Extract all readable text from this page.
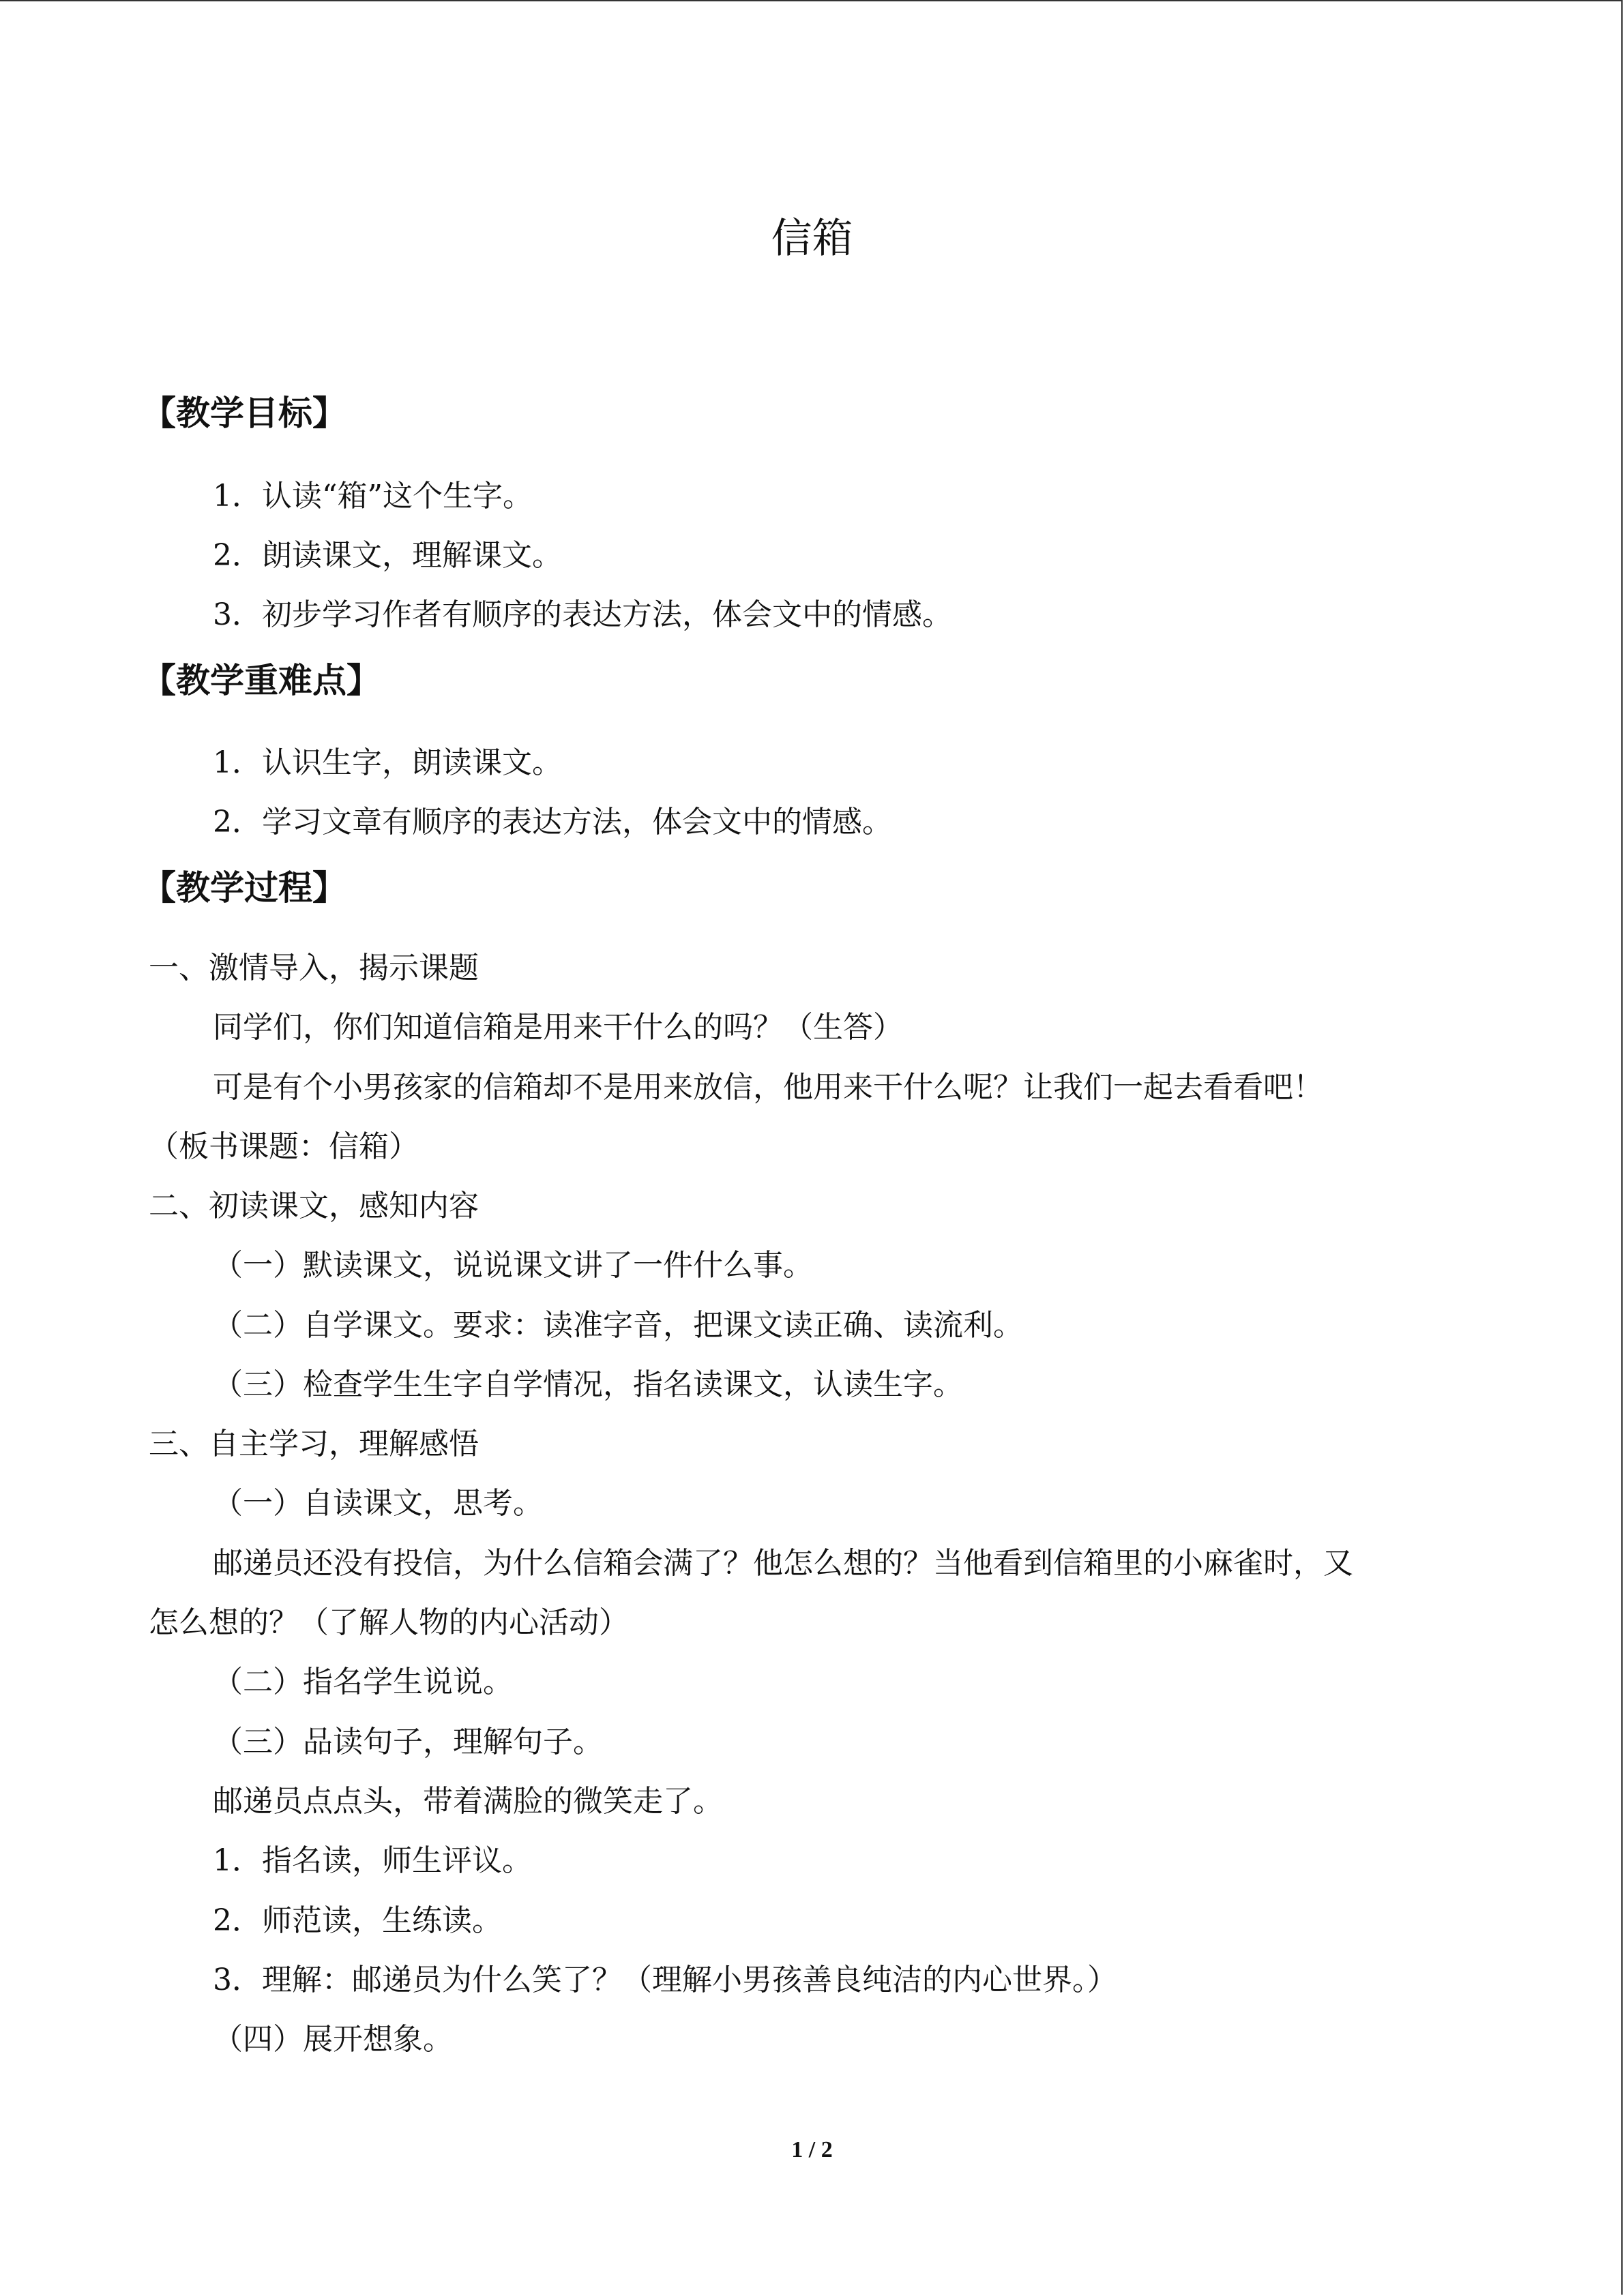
信箱
【教学目标】

1．认读“箱”这个生字。

2．朗读课文，理解课文。

3．初步学习作者有顺序的表达方法，体会文中的情感。

【教学重难点】

1．认识生字，朗读课文。

2．学习文章有顺序的表达方法，体会文中的情感。

【教学过程】

一、激情导入，揭示课题

同学们，你们知道信箱是用来干什么的吗？（生答）

可是有个小男孩家的信箱却不是用来放信，他用来干什么呢？让我们一起去看看吧！

（板书课题：信箱）

二、初读课文，感知内容

（一）默读课文，说说课文讲了一件什么事。

（二）自学课文。要求：读准字音，把课文读正确、读流利。

（三）检查学生生字自学情况，指名读课文，认读生字。

三、自主学习，理解感悟

（一）自读课文，思考。

邮递员还没有投信，为什么信箱会满了？他怎么想的？当他看到信箱里的小麻雀时，又

怎么想的？（了解人物的内心活动）

（二）指名学生说说。

（三）品读句子，理解句子。

邮递员点点头，带着满脸的微笑走了。

1．指名读，师生评议。

2．师范读，生练读。

3．理解：邮递员为什么笑了？（理解小男孩善良纯洁的内心世界。）

（四）展开想象。

1 / 2
